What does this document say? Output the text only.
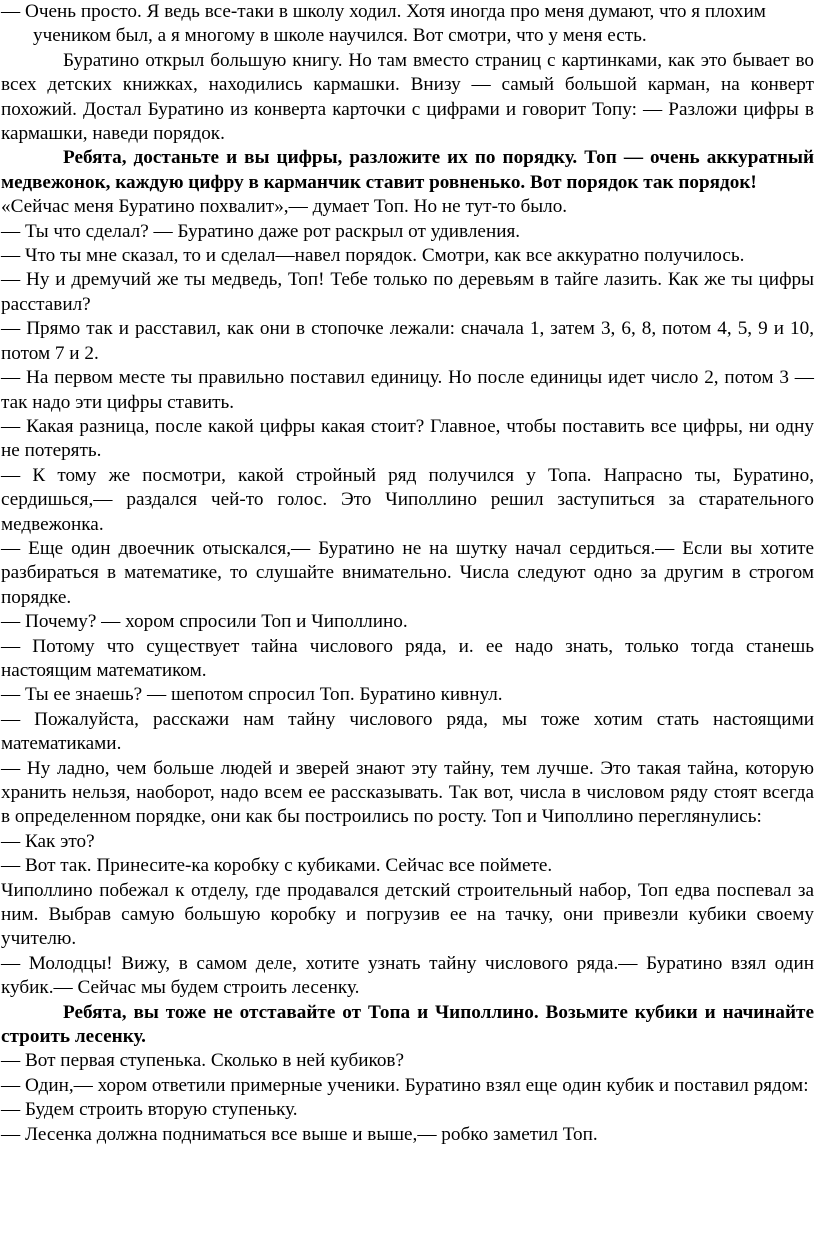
— Очень просто. Я ведь все-таки в школу ходил. Хотя иногда про меня думают, что я плохим учеником был, а я многому в школе научился. Вот смотри, что у меня есть.

Буратино открыл большую книгу. Но там вместо страниц с картинками, как это бывает во всех детских книжках, находились кармашки. Внизу — самый большой карман, на конверт похожий. Достал Буратино из конверта карточки с цифрами и говорит Топу: — Разложи цифры в кармашки, наведи порядок.

Ребята, достаньте и вы цифры, разложите их по порядку. Топ — очень аккуратный медвежонок, каждую цифру в карманчик ставит ровненько. Вот порядок так порядок!

«Сейчас меня Буратино похвалит»,— думает Топ. Но не тут-то было.

— Ты что сделал? — Буратино даже рот раскрыл от удивления.

— Что ты мне сказал, то и сделал—навел порядок. Смотри, как все аккуратно получилось.

— Ну и дремучий же ты медведь, Топ! Тебе только по деревьям в тайге лазить. Как же ты цифры расставил?

— Прямо так и расставил, как они в стопочке лежали: сначала 1, затем 3, 6, 8, потом 4, 5, 9 и 10, потом 7 и 2.

— На первом месте ты правильно поставил единицу. Но после единицы идет число 2, потом 3 — так надо эти цифры ставить.

— Какая разница, после какой цифры какая стоит? Главное, чтобы поставить все цифры, ни одну не потерять.

— К тому же посмотри, какой стройный ряд получился у Топа. Напрасно ты, Буратино, сердишься,— раздался чей-то голос. Это Чиполлино решил заступиться за старательного медвежонка.

— Еще один двоечник отыскался,— Буратино не на шутку начал сердиться.— Если вы хотите разбираться в математике, то слушайте внимательно. Числа следуют одно за другим в строгом порядке.

— Почему? — хором спросили Топ и Чиполлино.

— Потому что существует тайна числового ряда, и. ее надо знать, только тогда станешь настоящим математиком.

— Ты ее знаешь? — шепотом спросил Топ. Буратино кивнул.

— Пожалуйста, расскажи нам тайну числового ряда, мы тоже хотим стать настоящими математиками.

— Ну ладно, чем больше людей и зверей знают эту тайну, тем лучше. Это такая тайна, которую хранить нельзя, наоборот, надо всем ее рассказывать. Так вот, числа в числовом ряду стоят всегда в определенном порядке, они как бы построились по росту. Топ и Чиполлино переглянулись:

— Как это?

— Вот так. Принесите-ка коробку с кубиками. Сейчас все поймете.

Чиполлино побежал к отделу, где продавался детский строительный набор, Топ едва поспевал за ним. Выбрав самую большую коробку и погрузив ее на тачку, они привезли кубики своему учителю.

— Молодцы! Вижу, в самом деле, хотите узнать тайну числового ряда.— Буратино взял один кубик.— Сейчас мы будем строить лесенку.

Ребята, вы тоже не отставайте от Топа и Чиполлино. Возьмите кубики и начинайте строить лесенку.

— Вот первая ступенька. Сколько в ней кубиков?

— Один,— хором ответили примерные ученики. Буратино взял еще один кубик и поставил рядом:

— Будем строить вторую ступеньку.

— Лесенка должна подниматься все выше и выше,— робко заметил Топ.
